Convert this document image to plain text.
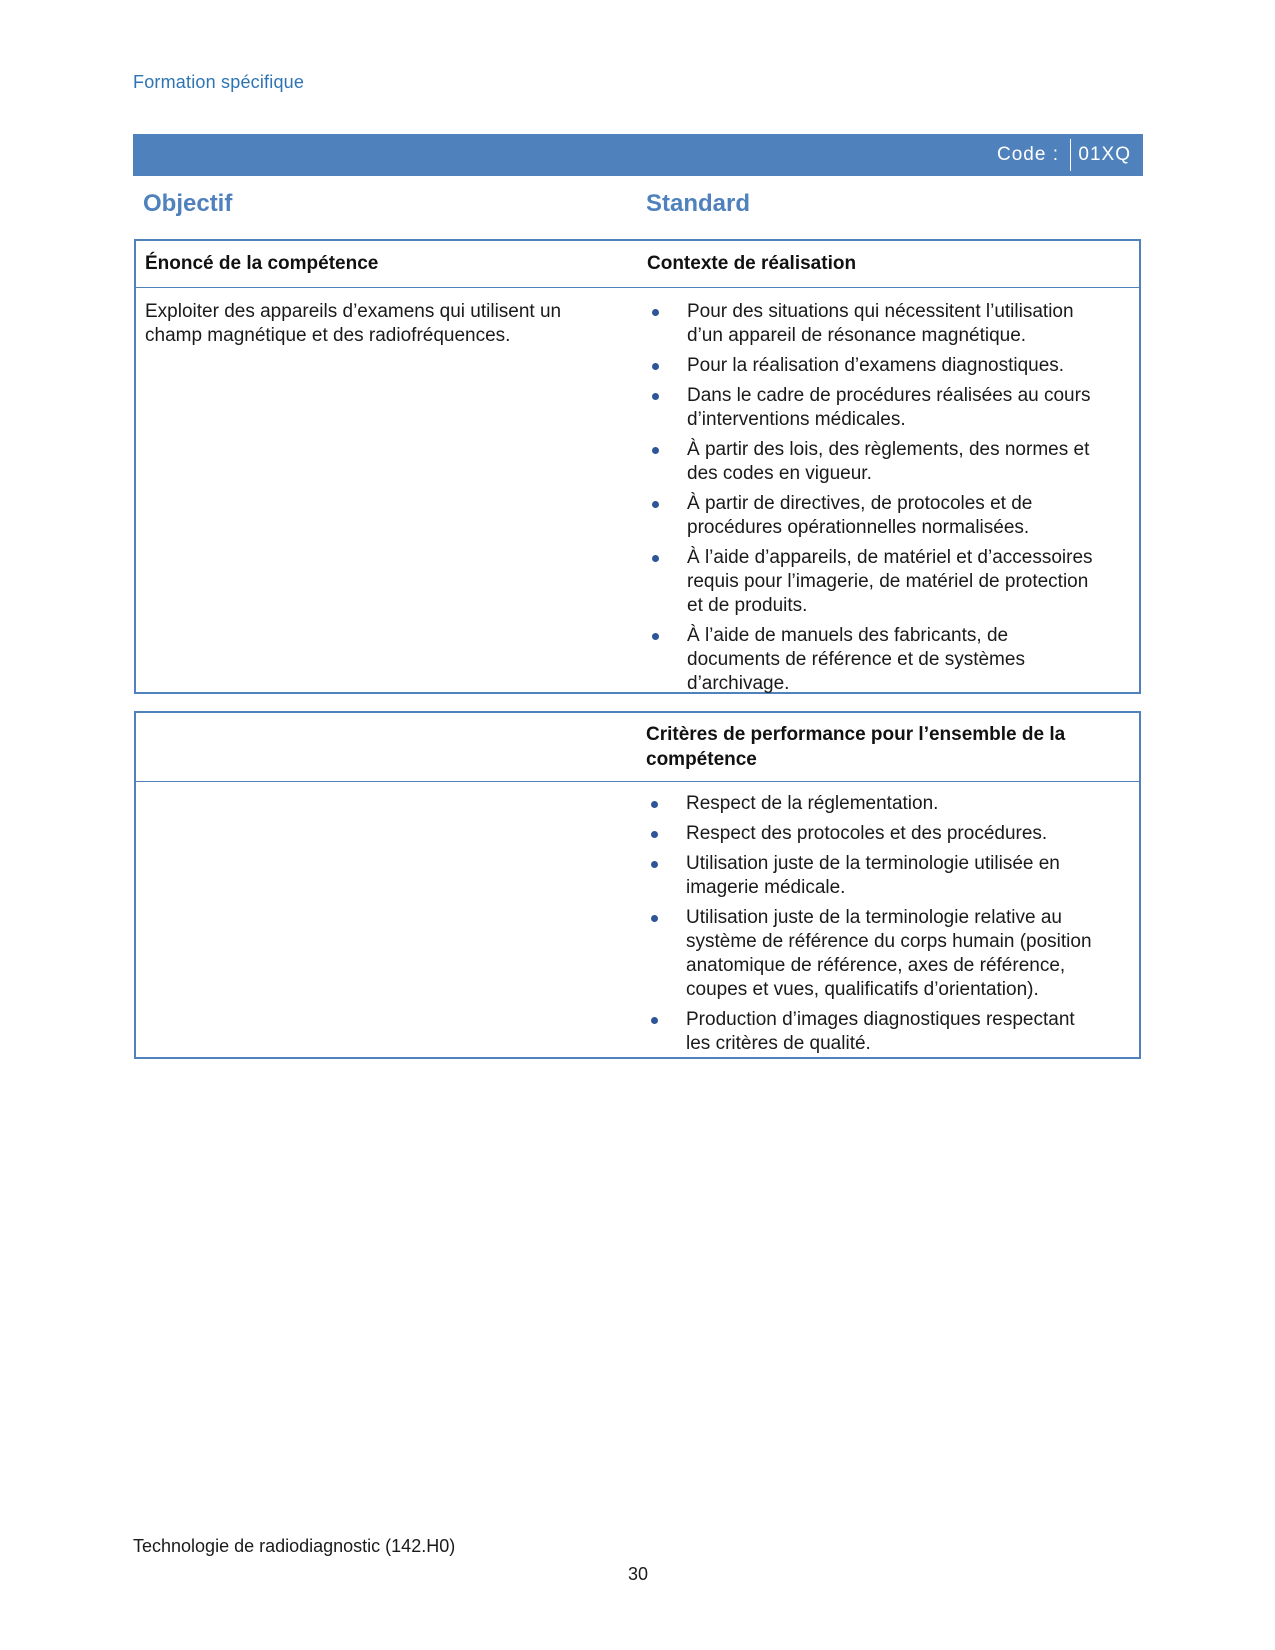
Formation spécifique
Code : 01XQ
Objectif	Standard
Énoncé de la compétence	Contexte de réalisation
Exploiter des appareils d’examens qui utilisent un champ magnétique et des radiofréquences.
Pour des situations qui nécessitent l’utilisation d’un appareil de résonance magnétique.
Pour la réalisation d’examens diagnostiques.
Dans le cadre de procédures réalisées au cours d’interventions médicales.
À partir des lois, des règlements, des normes et des codes en vigueur.
À partir de directives, de protocoles et de procédures opérationnelles normalisées.
À l’aide d’appareils, de matériel et d’accessoires requis pour l’imagerie, de matériel de protection et de produits.
À l’aide de manuels des fabricants, de documents de référence et de systèmes d’archivage.
Critères de performance pour l’ensemble de la compétence
Respect de la réglementation.
Respect des protocoles et des procédures.
Utilisation juste de la terminologie utilisée en imagerie médicale.
Utilisation juste de la terminologie relative au système de référence du corps humain (position anatomique de référence, axes de référence, coupes et vues, qualificatifs d’orientation).
Production d’images diagnostiques respectant les critères de qualité.
Technologie de radiodiagnostic (142.H0)
30
